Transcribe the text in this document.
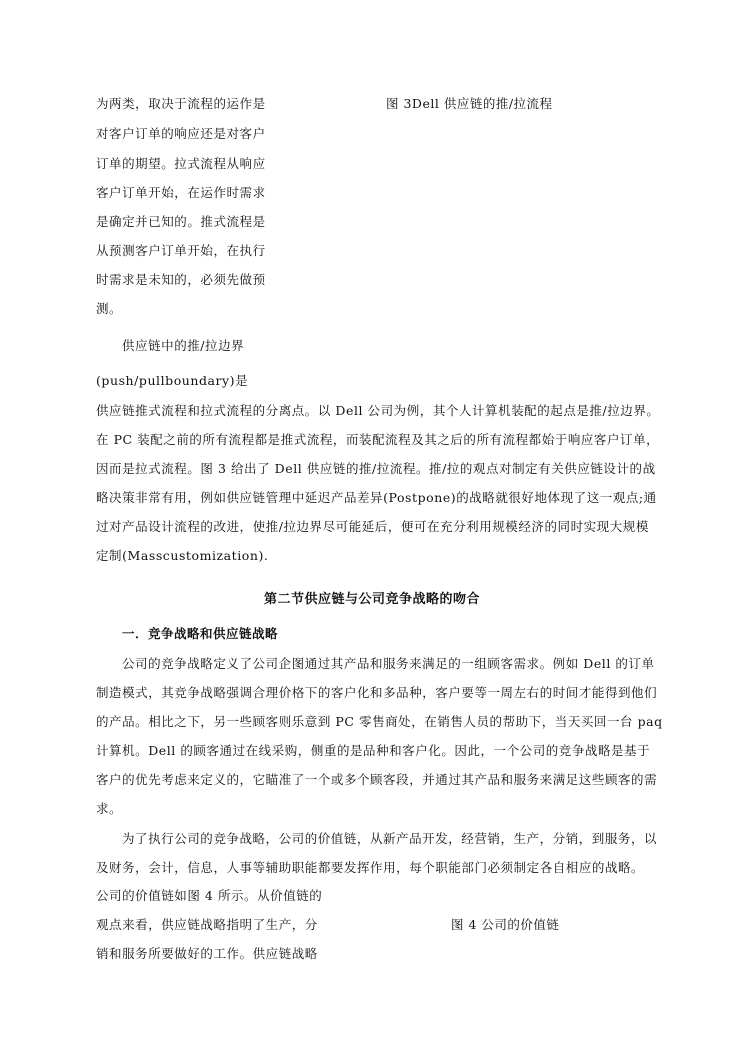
为两类，取决于流程的运作是
对客户订单的响应还是对客户
订单的期望。拉式流程从响应
客户订单开始，在运作时需求
是确定并已知的。推式流程是
从预测客户订单开始，在执行
时需求是未知的，必须先做预
测。
图 3Dell 供应链的推/拉流程
供应链中的推/拉边界
(push/pullboundary)是
供应链推式流程和拉式流程的分离点。以 Dell 公司为例，其个人计算机装配的起点是推/拉边界。
在 PC 装配之前的所有流程都是推式流程，而装配流程及其之后的所有流程都始于响应客户订单，
因而是拉式流程。图 3 给出了 Dell 供应链的推/拉流程。推/拉的观点对制定有关供应链设计的战
略决策非常有用，例如供应链管理中延迟产品差异(Postpone)的战略就很好地体现了这一观点;通
过对产品设计流程的改进，使推/拉边界尽可能延后，便可在充分利用规模经济的同时实现大规模
定制(Masscustomization).
第二节供应链与公司竞争战略的吻合
一．竞争战略和供应链战略
公司的竞争战略定义了公司企图通过其产品和服务来满足的一组顾客需求。例如 Dell 的订单
制造模式，其竞争战略强调合理价格下的客户化和多品种，客户要等一周左右的时间才能得到他们
的产品。相比之下，另一些顾客则乐意到 PC 零售商处，在销售人员的帮助下，当天买回一台 paq
计算机。Dell 的顾客通过在线采购，侧重的是品种和客户化。因此，一个公司的竞争战略是基于
客户的优先考虑来定义的，它瞄准了一个或多个顾客段，并通过其产品和服务来满足这些顾客的需
求。
为了执行公司的竞争战略，公司的价值链，从新产品开发，经营销，生产，分销，到服务，以
及财务，会计，信息，人事等辅助职能都要发挥作用，每个职能部门必须制定各自相应的战略。
公司的价值链如图 4 所示。从价值链的
观点来看，供应链战略指明了生产，分
销和服务所要做好的工作。供应链战略
图 4 公司的价值链
